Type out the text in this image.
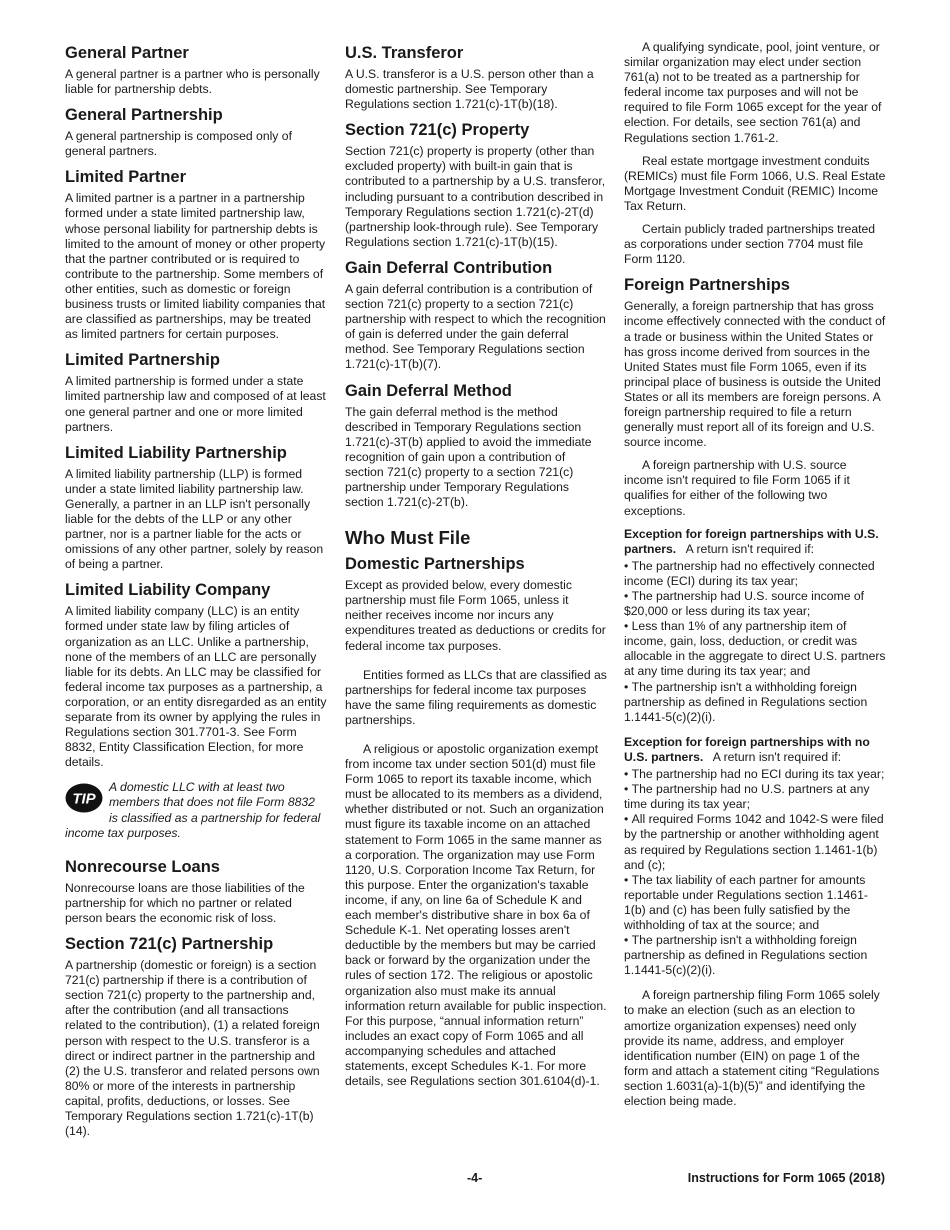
General Partner

A general partner is a partner who is personally liable for partnership debts.

General Partnership

A general partnership is composed only of general partners.

Limited Partner

A limited partner is a partner in a partnership formed under a state limited partnership law, whose personal liability for partnership debts is limited to the amount of money or other property that the partner contributed or is required to contribute to the partnership. Some members of other entities, such as domestic or foreign business trusts or limited liability companies that are classified as partnerships, may be treated as limited partners for certain purposes.

Limited Partnership

A limited partnership is formed under a state limited partnership law and composed of at least one general partner and one or more limited partners.

Limited Liability Partnership

A limited liability partnership (LLP) is formed under a state limited liability partnership law. Generally, a partner in an LLP isn't personally liable for the debts of the LLP or any other partner, nor is a partner liable for the acts or omissions of any other partner, solely by reason of being a partner.

Limited Liability Company

A limited liability company (LLC) is an entity formed under state law by filing articles of organization as an LLC. Unlike a partnership, none of the members of an LLC are personally liable for its debts. An LLC may be classified for federal income tax purposes as a partnership, a corporation, or an entity disregarded as an entity separate from its owner by applying the rules in Regulations section 301.7701-3. See Form 8832, Entity Classification Election, for more details.

TIP
A domestic LLC with at least two members that does not file Form 8832 is classified as a partnership for federal income tax purposes.
Nonrecourse Loans

Nonrecourse loans are those liabilities of the partnership for which no partner or related person bears the economic risk of loss.

Section 721(c) Partnership

A partnership (domestic or foreign) is a section 721(c) partnership if there is a contribution of section 721(c) property to the partnership and, after the contribution (and all transactions related to the contribution), (1) a related foreign person with respect to the U.S. transferor is a direct or indirect partner in the partnership and (2) the U.S. transferor and related persons own 80% or more of the interests in partnership capital, profits, deductions, or losses. See Temporary Regulations section 1.721(c)-1T(b)(14).

U.S. Transferor

A U.S. transferor is a U.S. person other than a domestic partnership. See Temporary Regulations section 1.721(c)-1T(b)(18).

Section 721(c) Property

Section 721(c) property is property (other than excluded property) with built-in gain that is contributed to a partnership by a U.S. transferor, including pursuant to a contribution described in Temporary Regulations section 1.721(c)-2T(d) (partnership look-through rule). See Temporary Regulations section 1.721(c)-1T(b)(15).

Gain Deferral Contribution

A gain deferral contribution is a contribution of section 721(c) property to a section 721(c) partnership with respect to which the recognition of gain is deferred under the gain deferral method. See Temporary Regulations section 1.721(c)-1T(b)(7).

Gain Deferral Method

The gain deferral method is the method described in Temporary Regulations section 1.721(c)-3T(b) applied to avoid the immediate recognition of gain upon a contribution of section 721(c) property to a section 721(c) partnership under Temporary Regulations section 1.721(c)-2T(b).

Who Must File
Domestic Partnerships

Except as provided below, every domestic partnership must file Form 1065, unless it neither receives income nor incurs any expenditures treated as deductions or credits for federal income tax purposes.

Entities formed as LLCs that are classified as partnerships for federal income tax purposes have the same filing requirements as domestic partnerships.

A religious or apostolic organization exempt from income tax under section 501(d) must file Form 1065 to report its taxable income, which must be allocated to its members as a dividend, whether distributed or not. Such an organization must figure its taxable income on an attached statement to Form 1065 in the same manner as a corporation. The organization may use Form 1120, U.S. Corporation Income Tax Return, for this purpose. Enter the organization's taxable income, if any, on line 6a of Schedule K and each member's distributive share in box 6a of Schedule K-1. Net operating losses aren't deductible by the members but may be carried back or forward by the organization under the rules of section 172. The religious or apostolic organization also must make its annual information return available for public inspection. For this purpose, “annual information return” includes an exact copy of Form 1065 and all accompanying schedules and attached statements, except Schedules K-1. For more details, see Regulations section 301.6104(d)-1.

A qualifying syndicate, pool, joint venture, or similar organization may elect under section 761(a) not to be treated as a partnership for federal income tax purposes and will not be required to file Form 1065 except for the year of election. For details, see section 761(a) and Regulations section 1.761-2.

Real estate mortgage investment conduits (REMICs) must file Form 1066, U.S. Real Estate Mortgage Investment Conduit (REMIC) Income Tax Return.

Certain publicly traded partnerships treated as corporations under section 7704 must file Form 1120.

Foreign Partnerships

Generally, a foreign partnership that has gross income effectively connected with the conduct of a trade or business within the United States or has gross income derived from sources in the United States must file Form 1065, even if its principal place of business is outside the United States or all its members are foreign persons. A foreign partnership required to file a return generally must report all of its foreign and U.S. source income.

A foreign partnership with U.S. source income isn't required to file Form 1065 if it qualifies for either of the following two exceptions.

Exception for foreign partnerships with U.S. partners. A return isn't required if:

• The partnership had no effectively connected income (ECI) during its tax year;
• The partnership had U.S. source income of $20,000 or less during its tax year;
• Less than 1% of any partnership item of income, gain, loss, deduction, or credit was allocable in the aggregate to direct U.S. partners at any time during its tax year; and
• The partnership isn't a withholding foreign partnership as defined in Regulations section 1.1441-5(c)(2)(i).

Exception for foreign partnerships with no U.S. partners. A return isn't required if:

• The partnership had no ECI during its tax year;
• The partnership had no U.S. partners at any time during its tax year;
• All required Forms 1042 and 1042-S were filed by the partnership or another withholding agent as required by Regulations section 1.1461-1(b) and (c);
• The tax liability of each partner for amounts reportable under Regulations section 1.1461-1(b) and (c) has been fully satisfied by the withholding of tax at the source; and
• The partnership isn't a withholding foreign partnership as defined in Regulations section 1.1441-5(c)(2)(i).

A foreign partnership filing Form 1065 solely to make an election (such as an election to amortize organization expenses) need only provide its name, address, and employer identification number (EIN) on page 1 of the form and attach a statement citing “Regulations section 1.6031(a)-1(b)(5)” and identifying the election being made.

-4-	Instructions for Form 1065 (2018)
